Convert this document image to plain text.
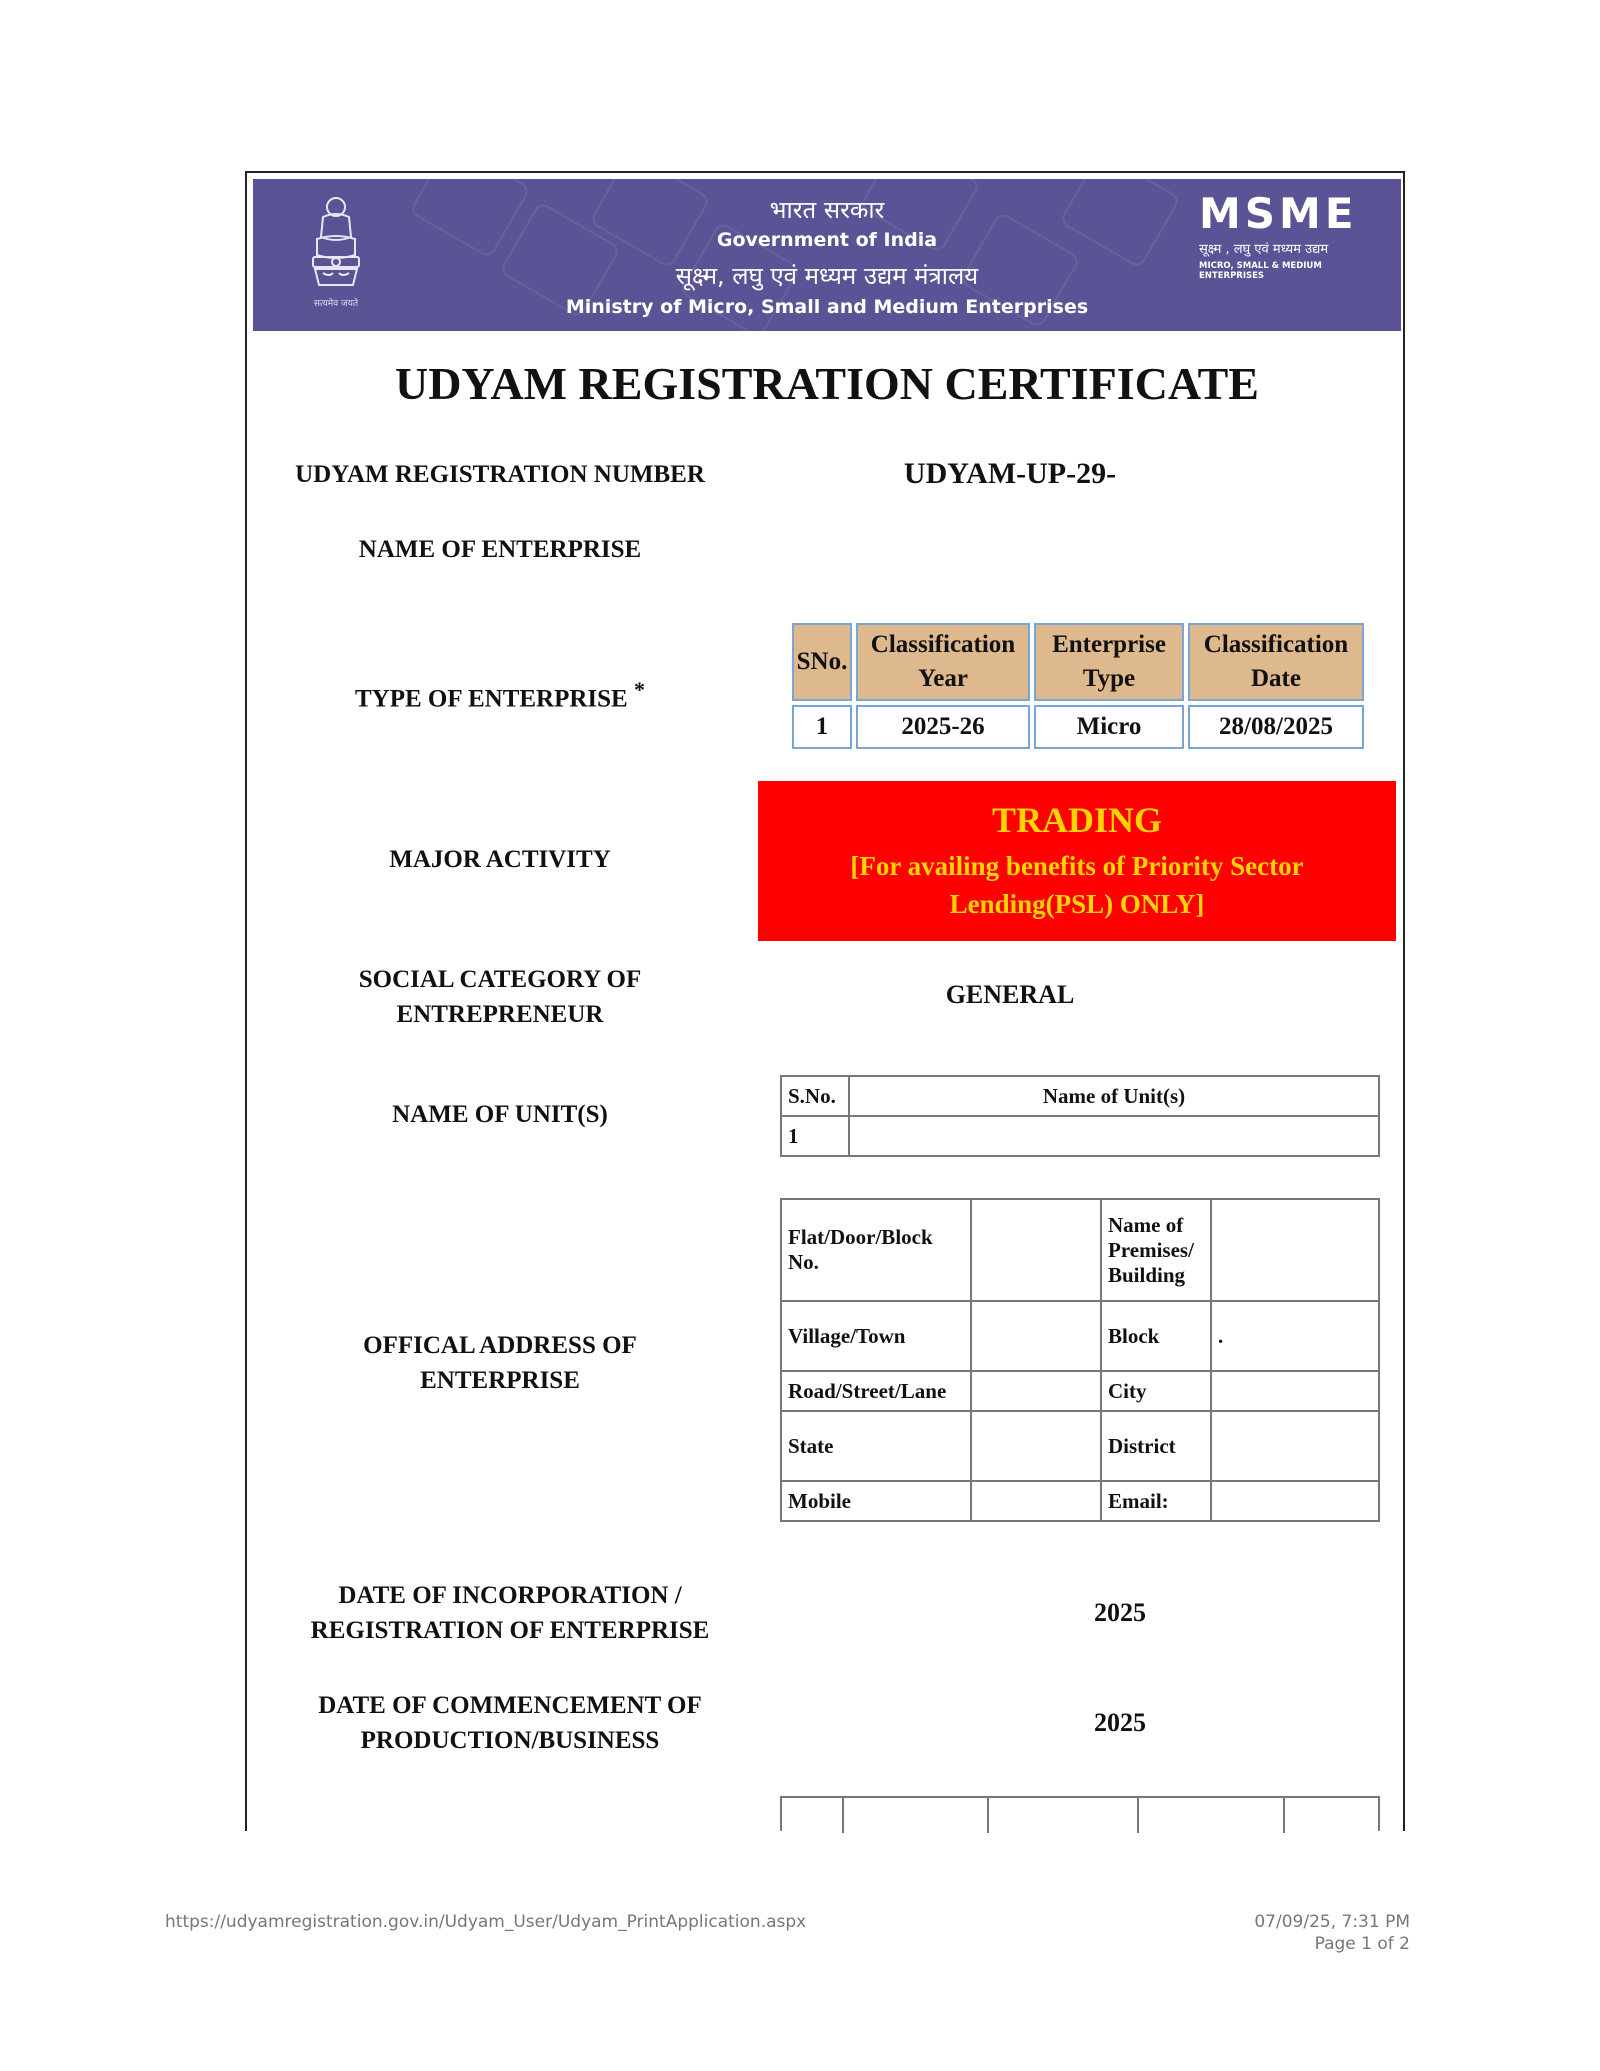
सत्यमेव जयते
भारत सरकार
Government of India
सूक्ष्म, लघु एवं मध्यम उद्यम मंत्रालय
Ministry of Micro, Small and Medium Enterprises
MSME
सूक्ष्म , लघु एवं मध्यम उद्यम
MICRO, SMALL & MEDIUM ENTERPRISES
UDYAM REGISTRATION CERTIFICATE
UDYAM REGISTRATION NUMBER	UDYAM-UP-29-
NAME OF ENTERPRISE
TYPE OF ENTERPRISE *
SNo.	Classification Year	Enterprise Type	Classification Date
1	2025-26	Micro	28/08/2025
MAJOR ACTIVITY
TRADING
[For availing benefits of Priority Sector Lending(PSL) ONLY]
SOCIAL CATEGORY OF ENTREPRENEUR
GENERAL
NAME OF UNIT(S)
S.No.	Name of Unit(s)
1	
OFFICAL ADDRESS OF ENTERPRISE
Flat/Door/Block No.		Name of Premises/ Building	
Village/Town		Block	.
Road/Street/Lane		City	
State		District	
Mobile		Email:	
DATE OF INCORPORATION / REGISTRATION OF ENTERPRISE
2025
DATE OF COMMENCEMENT OF PRODUCTION/BUSINESS
2025
https://udyamregistration.gov.in/Udyam_User/Udyam_PrintApplication.aspx	07/09/25, 7:31 PM
Page 1 of 2
